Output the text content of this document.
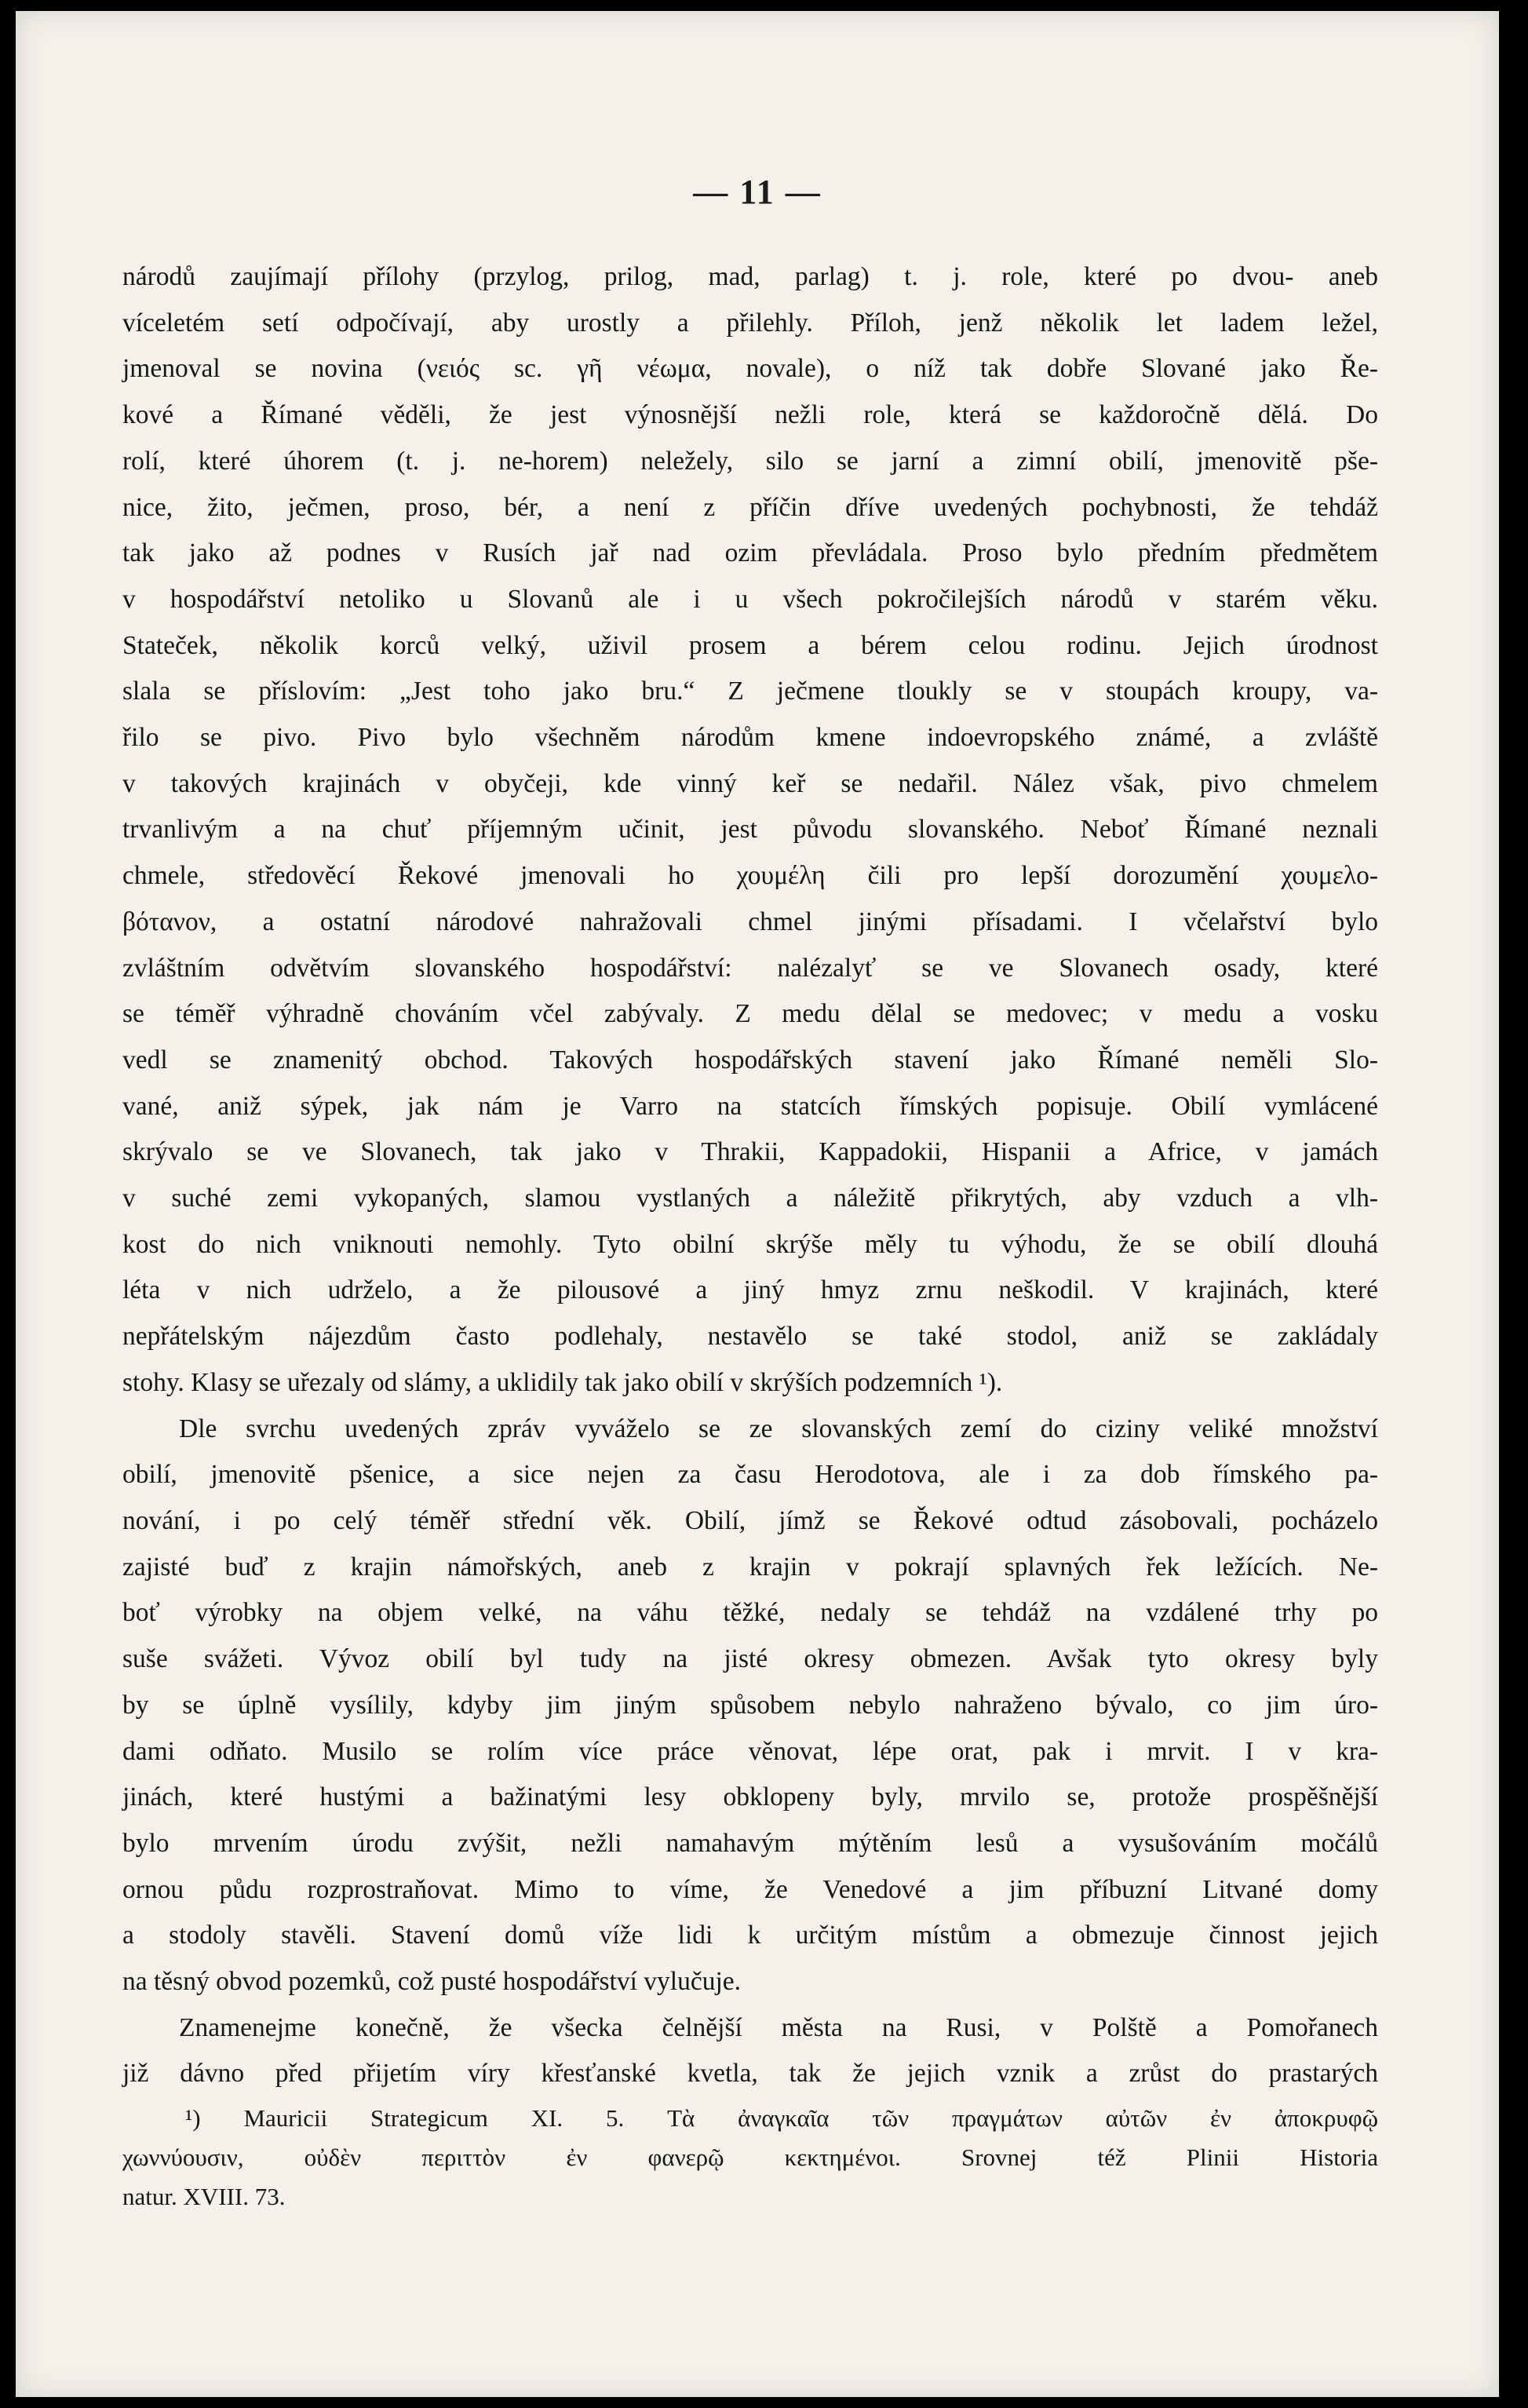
— 11 —
národů zaujímají přílohy (przylog, prilog, mad, parlag) t. j. role, které po dvou- aneb
víceletém setí odpočívají, aby urostly a přilehly. Příloh, jenž několik let ladem ležel,
jmenoval se novina (νειός sc. γῆ νέωμα, novale), o níž tak dobře Slované jako Ře-
kové a Římané věděli, že jest výnosnější nežli role, která se každoročně dělá. Do
rolí, které úhorem (t. j. ne-horem) neležely, silo se jarní a zimní obilí, jmenovitě pše-
nice, žito, ječmen, proso, bér, a není z příčin dříve uvedených pochybnosti, že tehdáž
tak jako až podnes v Rusích jař nad ozim převládala. Proso bylo předním předmětem
v hospodářství netoliko u Slovanů ale i u všech pokročilejších národů v starém věku.
Stateček, několik korců velký, uživil prosem a bérem celou rodinu. Jejich úrodnost
slala se příslovím: „Jest toho jako bru.“ Z ječmene tloukly se v stoupách kroupy, va-
řilo se pivo. Pivo bylo všechněm národům kmene indoevropského známé, a zvláště
v takových krajinách v obyčeji, kde vinný keř se nedařil. Nález však, pivo chmelem
trvanlivým a na chuť příjemným učinit, jest původu slovanského. Neboť Římané neznali
chmele, středověcí Řekové jmenovali ho χουμέλη čili pro lepší dorozumění χουμελο-
βότανον, a ostatní národové nahražovali chmel jinými přísadami. I včelařství bylo
zvláštním odvětvím slovanského hospodářství: nalézalyť se ve Slovanech osady, které
se téměř výhradně chováním včel zabývaly. Z medu dělal se medovec; v medu a vosku
vedl se znamenitý obchod. Takových hospodářských stavení jako Římané neměli Slo-
vané, aniž sýpek, jak nám je Varro na statcích římských popisuje. Obilí vymlácené
skrývalo se ve Slovanech, tak jako v Thrakii, Kappadokii, Hispanii a Africe, v jamách
v suché zemi vykopaných, slamou vystlaných a náležitě přikrytých, aby vzduch a vlh-
kost do nich vniknouti nemohly. Tyto obilní skrýše měly tu výhodu, že se obilí dlouhá
léta v nich udrželo, a že pilousové a jiný hmyz zrnu neškodil. V krajinách, které
nepřátelským nájezdům často podlehaly, nestavělo se také stodol, aniž se zakládaly
stohy. Klasy se uřezaly od slámy, a uklidily tak jako obilí v skrýších podzemních ¹).
Dle svrchu uvedených zpráv vyváželo se ze slovanských zemí do ciziny veliké množství
obilí, jmenovitě pšenice, a sice nejen za času Herodotova, ale i za dob římského pa-
nování, i po celý téměř střední věk. Obilí, jímž se Řekové odtud zásobovali, pocházelo
zajisté buď z krajin námořských, aneb z krajin v pokrají splavných řek ležících. Ne-
boť výrobky na objem velké, na váhu těžké, nedaly se tehdáž na vzdálené trhy po
suše svážeti. Vývoz obilí byl tudy na jisté okresy obmezen. Avšak tyto okresy byly
by se úplně vysílily, kdyby jim jiným spůsobem nebylo nahraženo bývalo, co jim úro-
dami odňato. Musilo se rolím více práce věnovat, lépe orat, pak i mrvit. I v kra-
jinách, které hustými a bažinatými lesy obklopeny byly, mrvilo se, protože prospěšnější
bylo mrvením úrodu zvýšit, nežli namahavým mýtěním lesů a vysušováním močálů
ornou půdu rozprostraňovat. Mimo to víme, že Venedové a jim příbuzní Litvané domy
a stodoly stavěli. Stavení domů víže lidi k určitým místům a obmezuje činnost jejich
na těsný obvod pozemků, což pusté hospodářství vylučuje.
Znamenejme konečně, že všecka čelnější města na Rusi, v Polště a Pomořanech
již dávno před přijetím víry křesťanské kvetla, tak že jejich vznik a zrůst do prastarých
¹) Mauricii Strategicum XI. 5. Τὰ ἀναγκαῖα τῶν πραγμάτων αὐτῶν ἐν ἀποκρυφῷ
χωννύουσιν, οὐδὲν περιττὸν ἐν φανερῷ κεκτημένοι. Srovnej též Plinii Historia
natur. XVIII. 73.
